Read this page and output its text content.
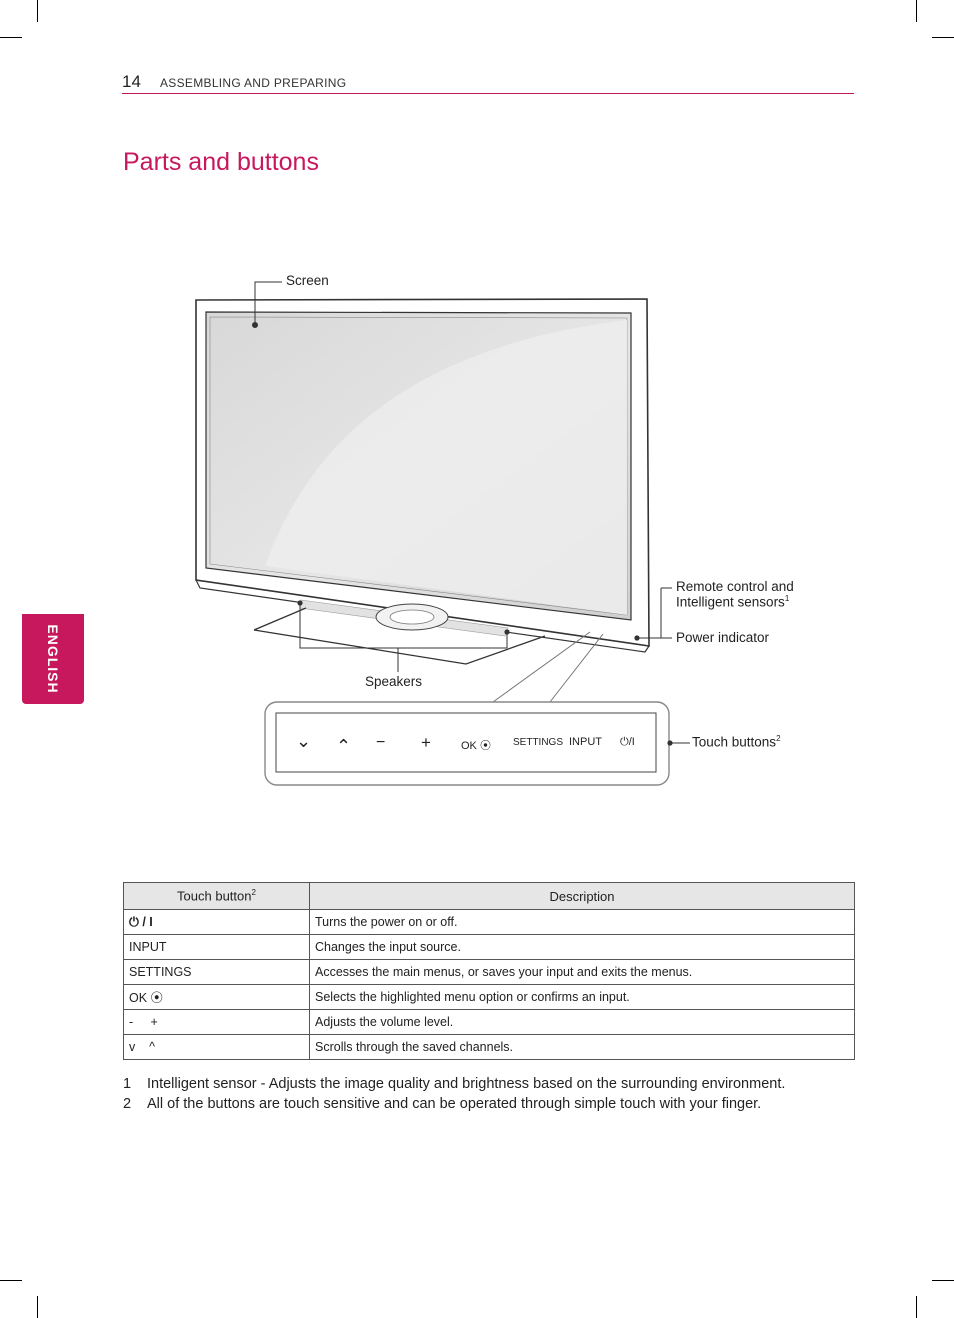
14 ASSEMBLING AND PREPARING
Parts and buttons
ENGLISH
Screen
Remote control and
Intelligent sensors$^1$
Power indicator
Speakers
Touch buttons$^2$
⌄ ⌃ − +	OK ⦿ SETTINGS INPUT ⏻/I
Touch button$^2$	Description
⏻ / I	Turns the power on or off.
INPUT	Changes the input source.
SETTINGS	Accesses the main menus, or saves your input and exits the menus.
OK ⦿	Selects the highlighted menu option or confirms an input.
-     +	Adjusts the volume level.
v    ^	Scrolls through the saved channels.
1 Intelligent sensor - Adjusts the image quality and brightness based on the surrounding environment.
2 All of the buttons are touch sensitive and can be operated through simple touch with your finger.
